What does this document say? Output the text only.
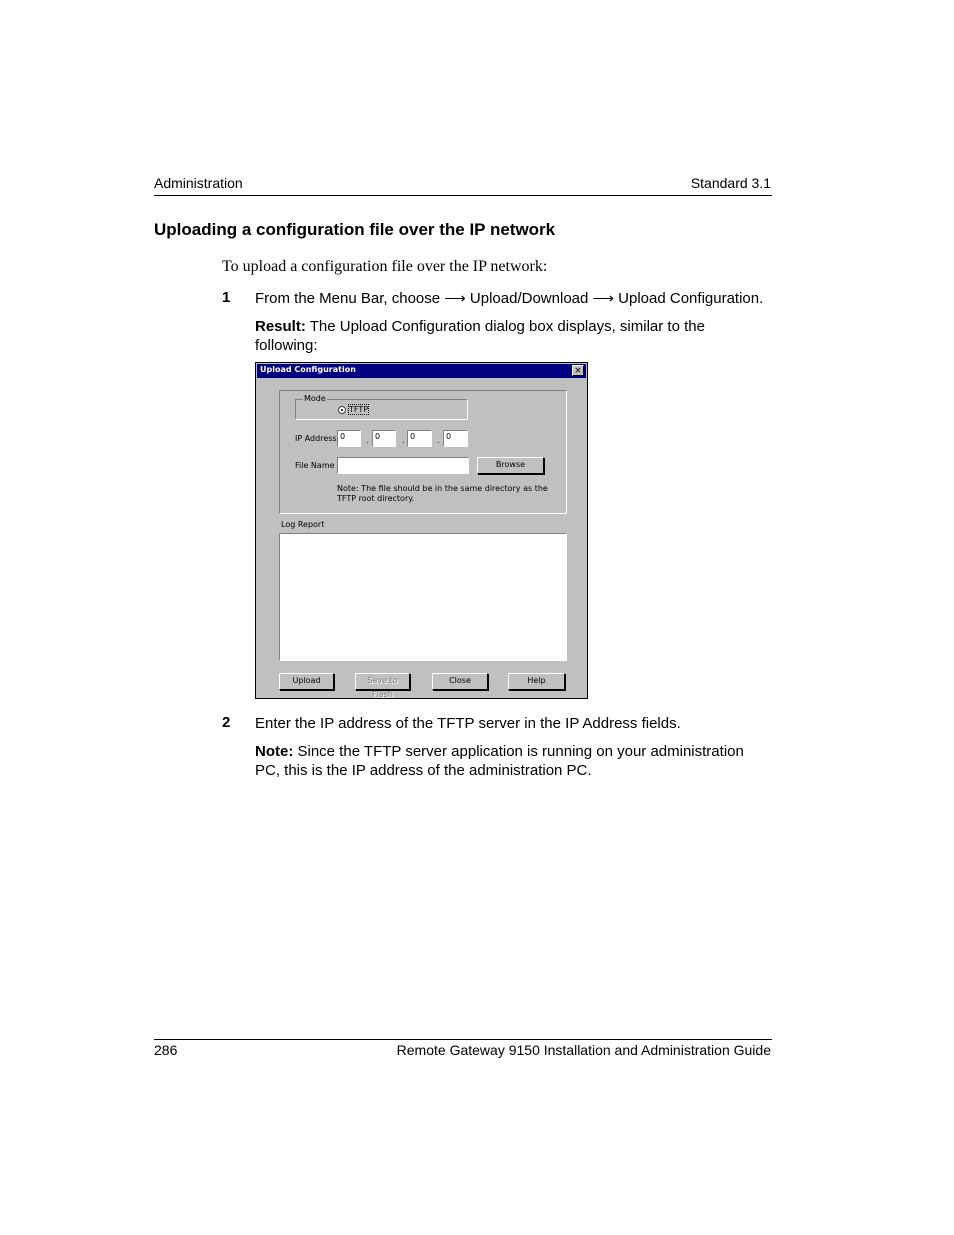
Administration	Standard 3.1
Uploading a configuration file over the IP network
To upload a configuration file over the IP network:
1 From the Menu Bar, choose ⟶ Upload/Download ⟶ Upload Configuration.
Result: The Upload Configuration dialog box displays, similar to the following:
Upload Configuration	×
Mode
TFTP
IP Address 0	. 0	. 0	. 0
File Name	Browse
Note: The file should be in the same directory as the TFTP root directory.
Log Report
Upload	Save to Flash
Close	Help
2 Enter the IP address of the TFTP server in the IP Address fields.
Note: Since the TFTP server application is running on your administration PC, this is the IP address of the administration PC.
286	Remote Gateway 9150 Installation and Administration Guide
